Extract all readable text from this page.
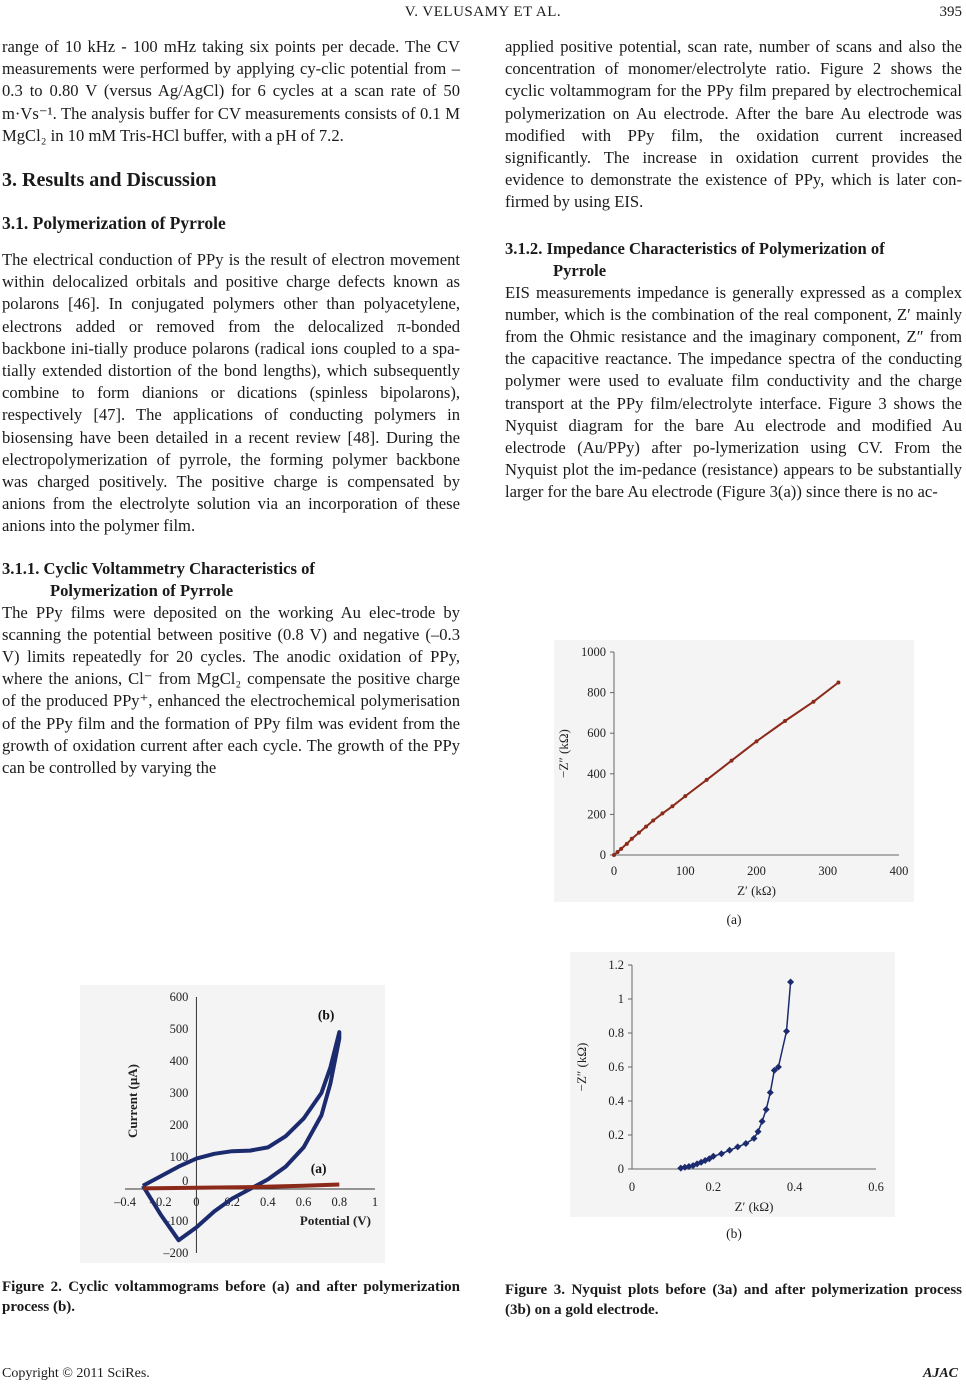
V. VELUSAMY ET AL.	395

range of 10 kHz - 100 mHz taking six points per decade. The CV measurements were performed by applying cy-clic potential from –0.3 to 0.80 V (versus Ag/AgCl) for 6 cycles at a scan rate of 50 m·Vs⁻¹. The analysis buffer for CV measurements consists of 0.1 M MgCl₂ in 10 mM Tris-HCl buffer, with a pH of 7.2.

3. Results and Discussion
3.1. Polymerization of Pyrrole

The electrical conduction of PPy is the result of electron movement within delocalized orbitals and positive charge defects known as polarons [46]. In conjugated polymers other than polyacetylene, electrons added or removed from the delocalized π-bonded backbone ini-tially produce polarons (radical ions coupled to a spa-tially extended distortion of the bond lengths), which subsequently combine to form dianions or dications (spinless bipolarons), respectively [47]. The applications of conducting polymers in biosensing have been detailed in a recent review [48]. During the electropolymerization of pyrrole, the forming polymer backbone was charged positively. The positive charge is compensated by anions from the electrolyte solution via an incorporation of these anions into the polymer film.

3.1.1. Cyclic Voltammetry Characteristics of
Polymerization of Pyrrole

The PPy films were deposited on the working Au elec-trode by scanning the potential between positive (0.8 V) and negative (–0.3 V) limits repeatedly for 20 cycles. The anodic oxidation of PPy, where the anions, Cl⁻ from MgCl₂ compensate the positive charge of the produced PPy⁺, enhanced the electrochemical polymerisation of the PPy film and the formation of PPy film was evident from the growth of oxidation current after each cycle. The growth of the PPy can be controlled by varying the

applied positive potential, scan rate, number of scans and also the concentration of monomer/electrolyte ratio. Figure 2 shows the cyclic voltammogram for the PPy film prepared by electrochemical polymerization on Au electrode. After the bare Au electrode was modified with PPy film, the oxidation current increased significantly. The increase in oxidation current provides the evidence to demonstrate the existence of PPy, which is later con-firmed by using EIS.

3.1.2. Impedance Characteristics of Polymerization of
Pyrrole

EIS measurements impedance is generally expressed as a complex number, which is the combination of the real component, Z′ mainly from the Ohmic resistance and the imaginary component, Z″ from the capacitive reactance. The impedance spectra of the conducting polymer were used to evaluate film conductivity and the charge transport at the PPy film/electrolyte interface. Figure 3 shows the Nyquist diagram for the bare Au electrode and modified Au electrode (Au/PPy) after po-lymerization using CV. From the Nyquist plot the im-pedance (resistance) appears to be substantially larger for the bare Au electrode (Figure 3(a)) since there is no ac-

600
500
400
300
200
100
–100
–200
0
–0.4 –0.2 0 0.2 0.4 0.6 0.8 1
Potential (V)
Current (μA)
(b)
(a)
Figure 2. Cyclic voltammograms before (a) and after polymerization process (b).
1000
800
600
400
200
0
0	100	200	300	400
Z′ (kΩ)
−Z″ (kΩ)
(a)
1.2
1
0.8
0.6
0.4
0.2
0
0	0.2	0.4	0.6
Z′ (kΩ)
−Z″ (kΩ)
(b)
Figure 3. Nyquist plots before (3a) and after polymerization process (3b) on a gold electrode.
Copyright © 2011 SciRes.	AJAC
